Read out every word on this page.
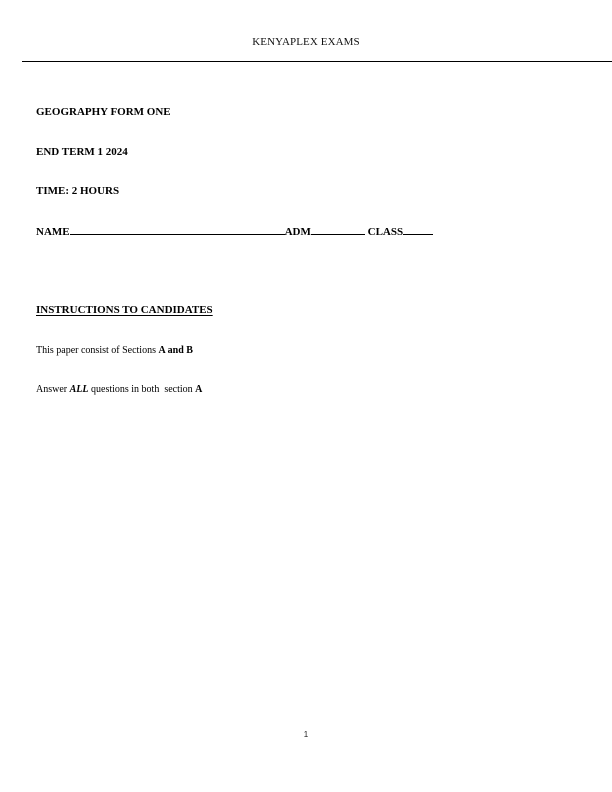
KENYAPLEX EXAMS
GEOGRAPHY FORM ONE
END TERM 1 2024
TIME: 2 HOURS
NAME	ADM	CLASS
INSTRUCTIONS TO CANDIDATES
This paper consist of Sections A and B
Answer ALL questions in both  section A
1
